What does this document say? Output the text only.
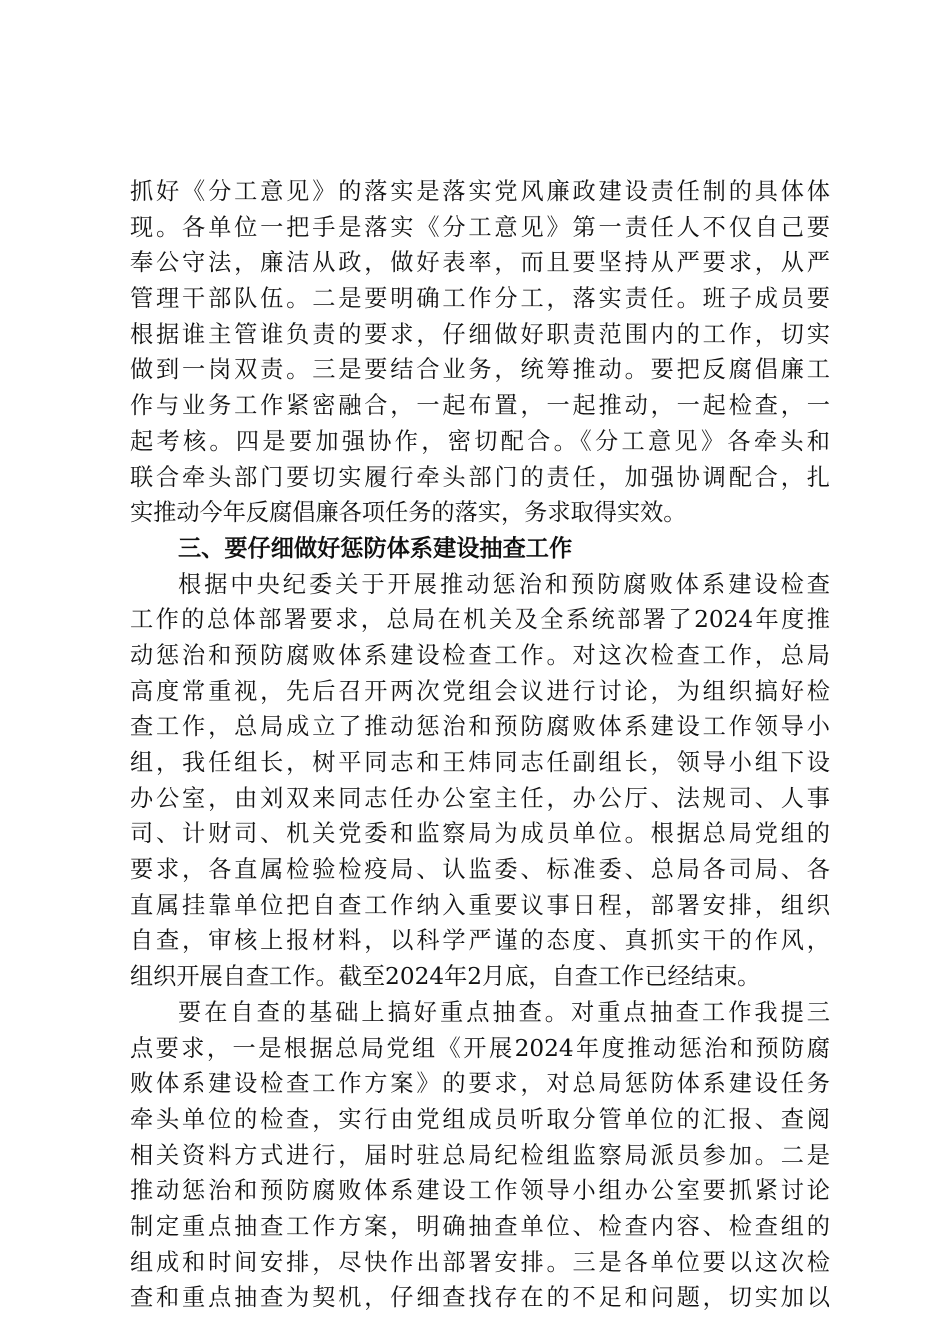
抓好《分工意见》的落实是落实党风廉政建设责任制的具体体
现。各单位一把手是落实《分工意见》第一责任人不仅自己要
奉公守法，廉洁从政，做好表率，而且要坚持从严要求，从严
管理干部队伍。二是要明确工作分工，落实责任。班子成员要
根据谁主管谁负责的要求，仔细做好职责范围内的工作，切实
做到一岗双责。三是要结合业务，统筹推动。要把反腐倡廉工
作与业务工作紧密融合，一起布置，一起推动，一起检查，一
起考核。四是要加强协作，密切配合。《分工意见》各牵头和
联合牵头部门要切实履行牵头部门的责任，加强协调配合，扎
实推动今年反腐倡廉各项任务的落实，务求取得实效。
三、要仔细做好惩防体系建设抽查工作
根据中央纪委关于开展推动惩治和预防腐败体系建设检查
工作的总体部署要求，总局在机关及全系统部署了2024年度推
动惩治和预防腐败体系建设检查工作。对这次检查工作，总局
高度常重视，先后召开两次党组会议进行讨论，为组织搞好检
查工作，总局成立了推动惩治和预防腐败体系建设工作领导小
组，我任组长，树平同志和王炜同志任副组长，领导小组下设
办公室，由刘双来同志任办公室主任，办公厅、法规司、人事
司、计财司、机关党委和监察局为成员单位。根据总局党组的
要求，各直属检验检疫局、认监委、标准委、总局各司局、各
直属挂靠单位把自查工作纳入重要议事日程，部署安排，组织
自查，审核上报材料，以科学严谨的态度、真抓实干的作风，
组织开展自查工作。截至2024年2月底，自查工作已经结束。
要在自查的基础上搞好重点抽查。对重点抽查工作我提三
点要求，一是根据总局党组《开展2024年度推动惩治和预防腐
败体系建设检查工作方案》的要求，对总局惩防体系建设任务
牵头单位的检查，实行由党组成员听取分管单位的汇报、查阅
相关资料方式进行，届时驻总局纪检组监察局派员参加。二是
推动惩治和预防腐败体系建设工作领导小组办公室要抓紧讨论
制定重点抽查工作方案，明确抽查单位、检查内容、检查组的
组成和时间安排，尽快作出部署安排。三是各单位要以这次检
查和重点抽查为契机，仔细查找存在的不足和问题，切实加以
